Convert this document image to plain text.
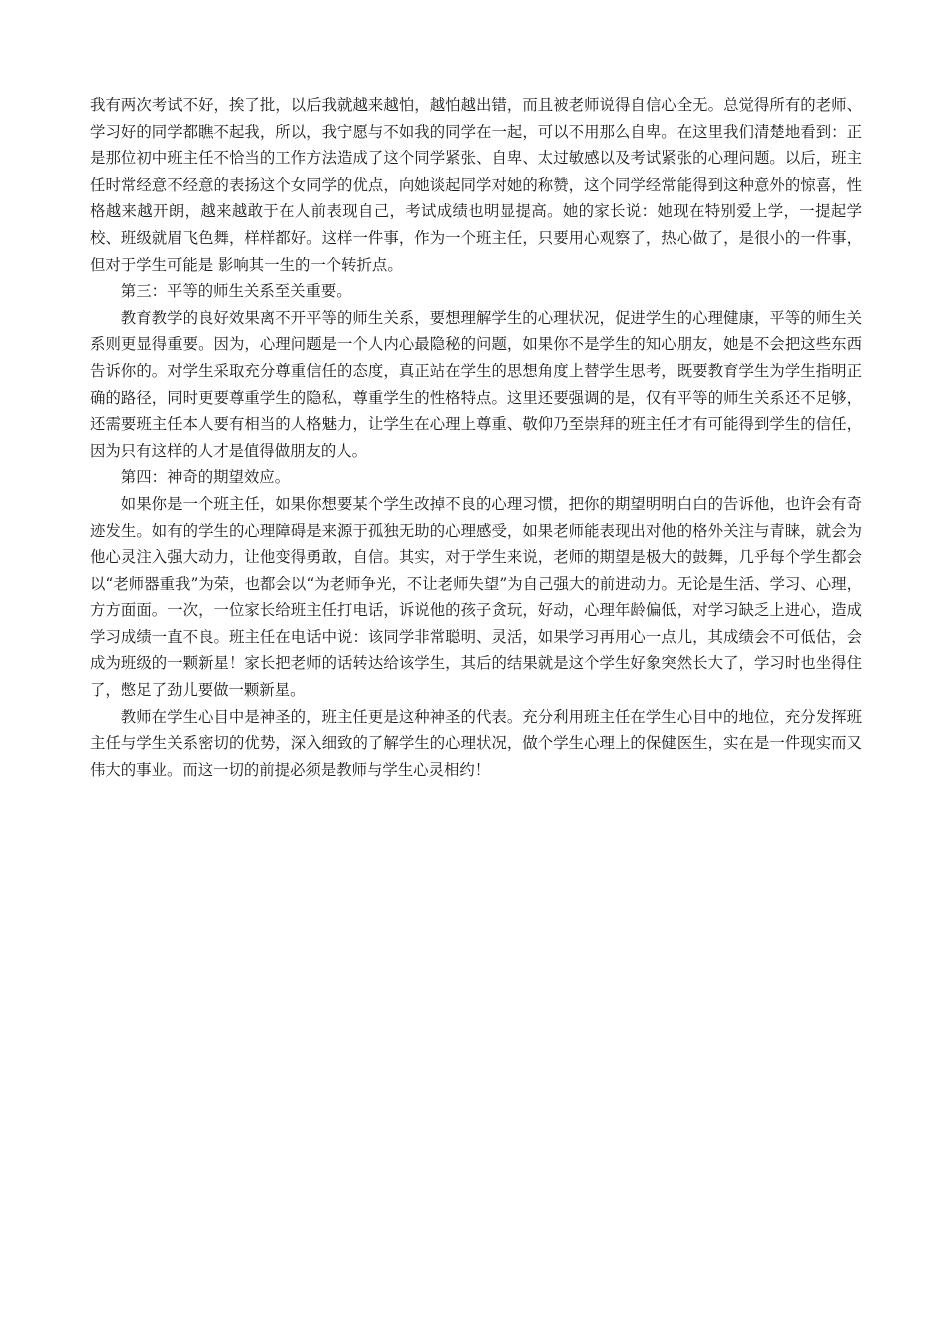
我有两次考试不好，挨了批，以后我就越来越怕，越怕越出错，而且被老师说得自信心全无。总觉得所有的老师、学习好的同学都瞧不起我，所以，我宁愿与不如我的同学在一起，可以不用那么自卑。在这里我们清楚地看到：正是那位初中班主任不恰当的工作方法造成了这个同学紧张、自卑、太过敏感以及考试紧张的心理问题。以后，班主任时常经意不经意的表扬这个女同学的优点，向她谈起同学对她的称赞，这个同学经常能得到这种意外的惊喜，性格越来越开朗，越来越敢于在人前表现自己，考试成绩也明显提高。她的家长说：她现在特别爱上学，一提起学校、班级就眉飞色舞，样样都好。这样一件事，作为一个班主任，只要用心观察了，热心做了，是很小的一件事，但对于学生可能是 影响其一生的一个转折点。

第三：平等的师生关系至关重要。

教育教学的良好效果离不开平等的师生关系，要想理解学生的心理状况，促进学生的心理健康，平等的师生关系则更显得重要。因为，心理问题是一个人内心最隐秘的问题，如果你不是学生的知心朋友，她是不会把这些东西告诉你的。对学生采取充分尊重信任的态度，真正站在学生的思想角度上替学生思考，既要教育学生为学生指明正确的路径，同时更要尊重学生的隐私，尊重学生的性格特点。这里还要强调的是，仅有平等的师生关系还不足够，还需要班主任本人要有相当的人格魅力，让学生在心理上尊重、敬仰乃至崇拜的班主任才有可能得到学生的信任，因为只有这样的人才是值得做朋友的人。

第四：神奇的期望效应。

如果你是一个班主任，如果你想要某个学生改掉不良的心理习惯，把你的期望明明白白的告诉他，也许会有奇迹发生。如有的学生的心理障碍是来源于孤独无助的心理感受，如果老师能表现出对他的格外关注与青睐，就会为他心灵注入强大动力，让他变得勇敢，自信。其实，对于学生来说，老师的期望是极大的鼓舞，几乎每个学生都会以“老师器重我”为荣，也都会以“为老师争光，不让老师失望”为自己强大的前进动力。无论是生活、学习、心理，方方面面。一次，一位家长给班主任打电话，诉说他的孩子贪玩，好动，心理年龄偏低，对学习缺乏上进心，造成学习成绩一直不良。班主任在电话中说：该同学非常聪明、灵活，如果学习再用心一点儿，其成绩会不可低估，会成为班级的一颗新星！家长把老师的话转达给该学生，其后的结果就是这个学生好象突然长大了，学习时也坐得住了，憋足了劲儿要做一颗新星。

教师在学生心目中是神圣的，班主任更是这种神圣的代表。充分利用班主任在学生心目中的地位，充分发挥班主任与学生关系密切的优势，深入细致的了解学生的心理状况，做个学生心理上的保健医生，实在是一件现实而又伟大的事业。而这一切的前提必须是教师与学生心灵相约！
